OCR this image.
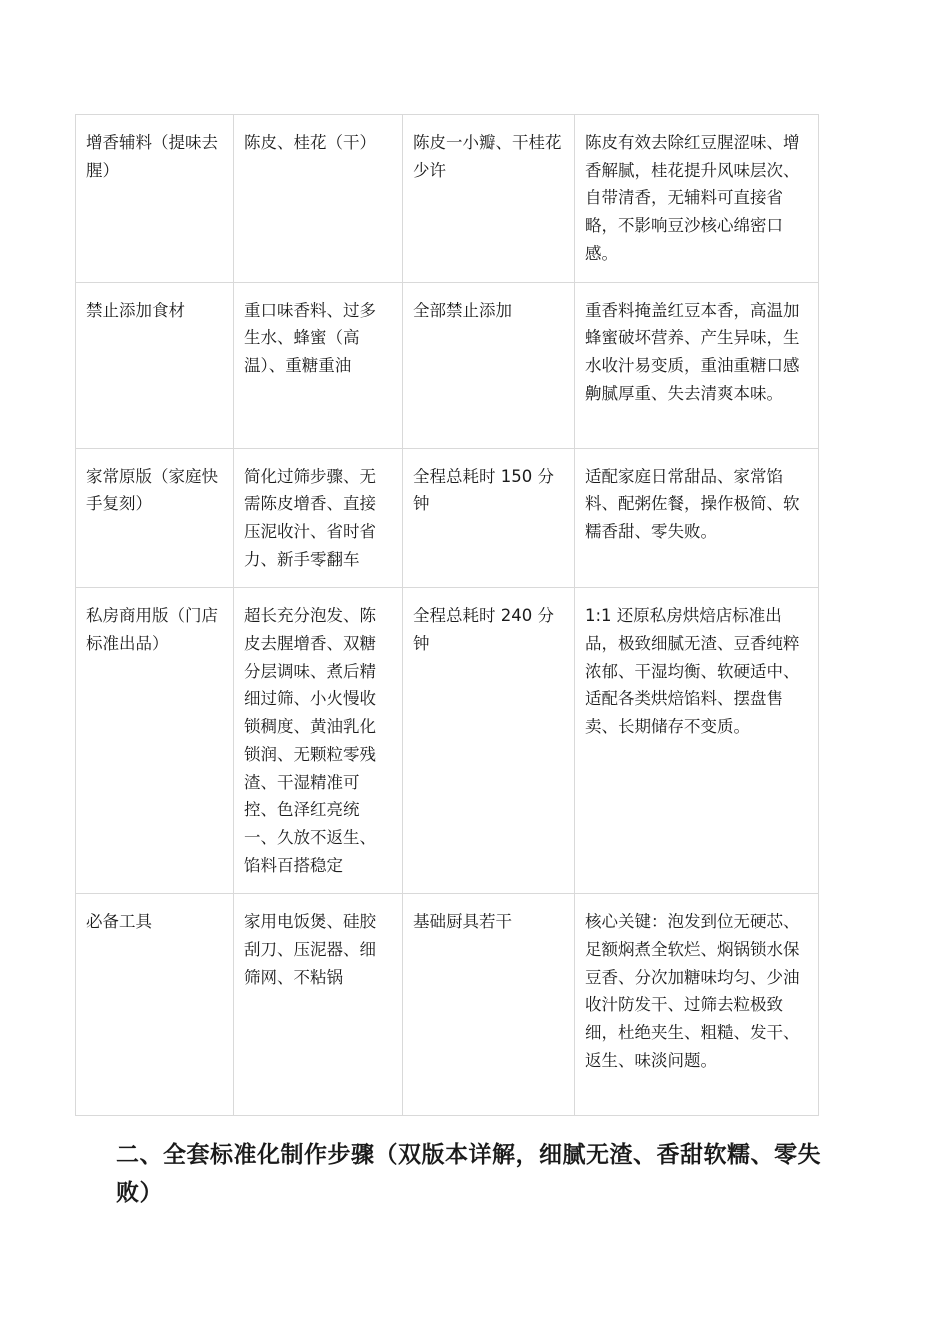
增香辅料（提味去腥）	陈皮、桂花（干）	陈皮一小瓣、干桂花少许	陈皮有效去除红豆腥涩味、增香解腻，桂花提升风味层次、自带清香，无辅料可直接省略，不影响豆沙核心绵密口感。
禁止添加食材	重口味香料、过多生水、蜂蜜（高温）、重糖重油	全部禁止添加	重香料掩盖红豆本香，高温加蜂蜜破坏营养、产生异味，生水收汁易变质，重油重糖口感齁腻厚重、失去清爽本味。
家常原版（家庭快手复刻）	简化过筛步骤、无需陈皮增香、直接压泥收汁、省时省力、新手零翻车	全程总耗时 150 分钟	适配家庭日常甜品、家常馅料、配粥佐餐，操作极简、软糯香甜、零失败。
私房商用版（门店标准出品）	超长充分泡发、陈皮去腥增香、双糖分层调味、煮后精细过筛、小火慢收锁稠度、黄油乳化锁润、无颗粒零残渣、干湿精准可控、色泽红亮统一、久放不返生、馅料百搭稳定	全程总耗时 240 分钟	1:1 还原私房烘焙店标准出品，极致细腻无渣、豆香纯粹浓郁、干湿均衡、软硬适中、适配各类烘焙馅料、摆盘售卖、长期储存不变质。
必备工具	家用电饭煲、硅胶刮刀、压泥器、细筛网、不粘锅	基础厨具若干	核心关键：泡发到位无硬芯、足额焖煮全软烂、焖锅锁水保豆香、分次加糖味均匀、少油收汁防发干、过筛去粒极致细，杜绝夹生、粗糙、发干、返生、味淡问题。
二、全套标准化制作步骤（双版本详解，细腻无渣、香甜软糯、零失败）
